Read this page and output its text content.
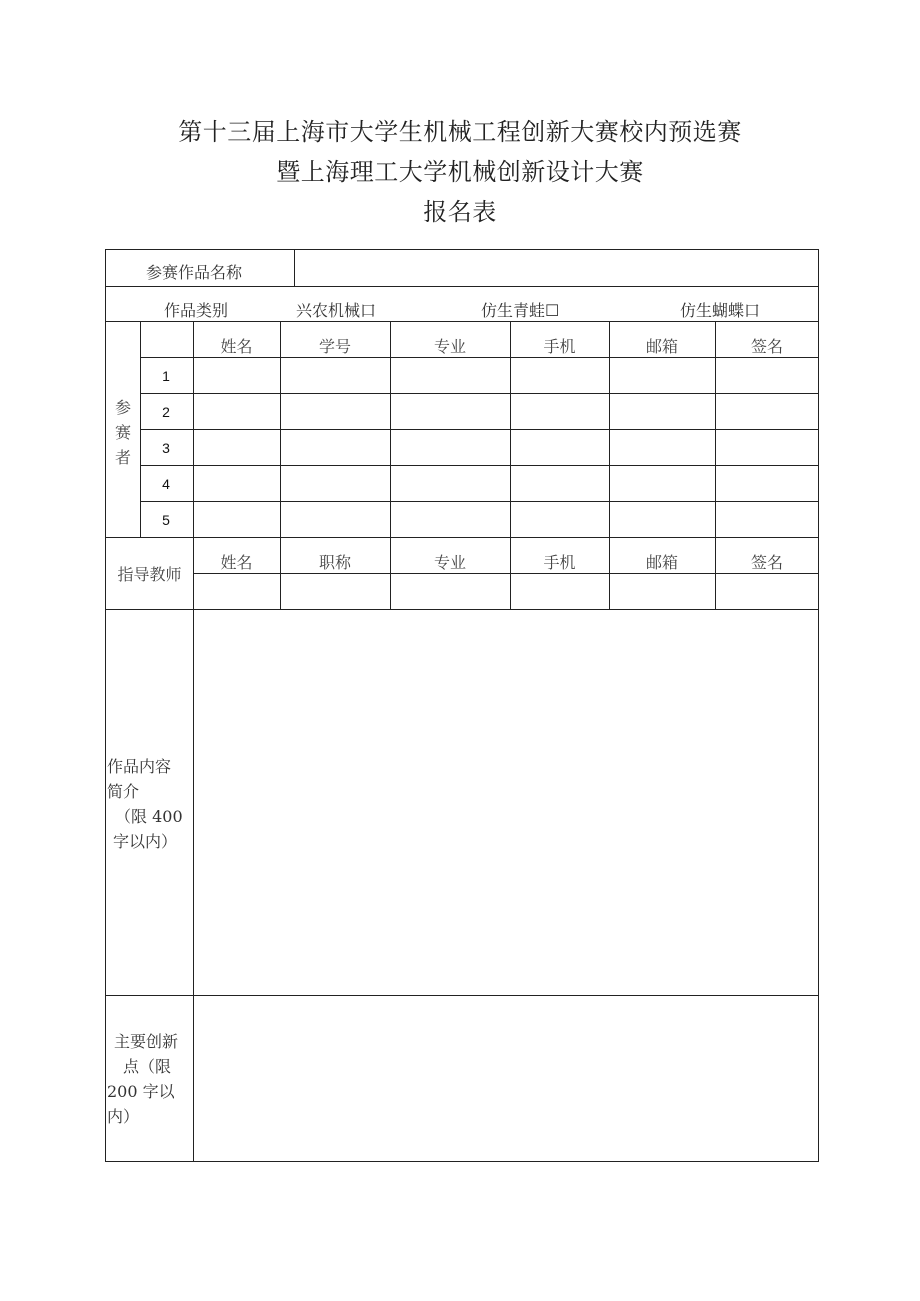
第十三届上海市大学生机械工程创新大赛校内预选赛
暨上海理工大学机械创新设计大赛
报名表
参赛作品名称
作品类别	兴农机械口	仿生青蛙☐	仿生蝴蝶口
参
赛
者
姓名	学号	专业	手机	邮箱	签名
1
2
3
4
5
指导教师
姓名	职称	专业	手机	邮箱	签名
作品内容
简介
（限 400
字以内）
主要创新
点（限
200 字以
内）
